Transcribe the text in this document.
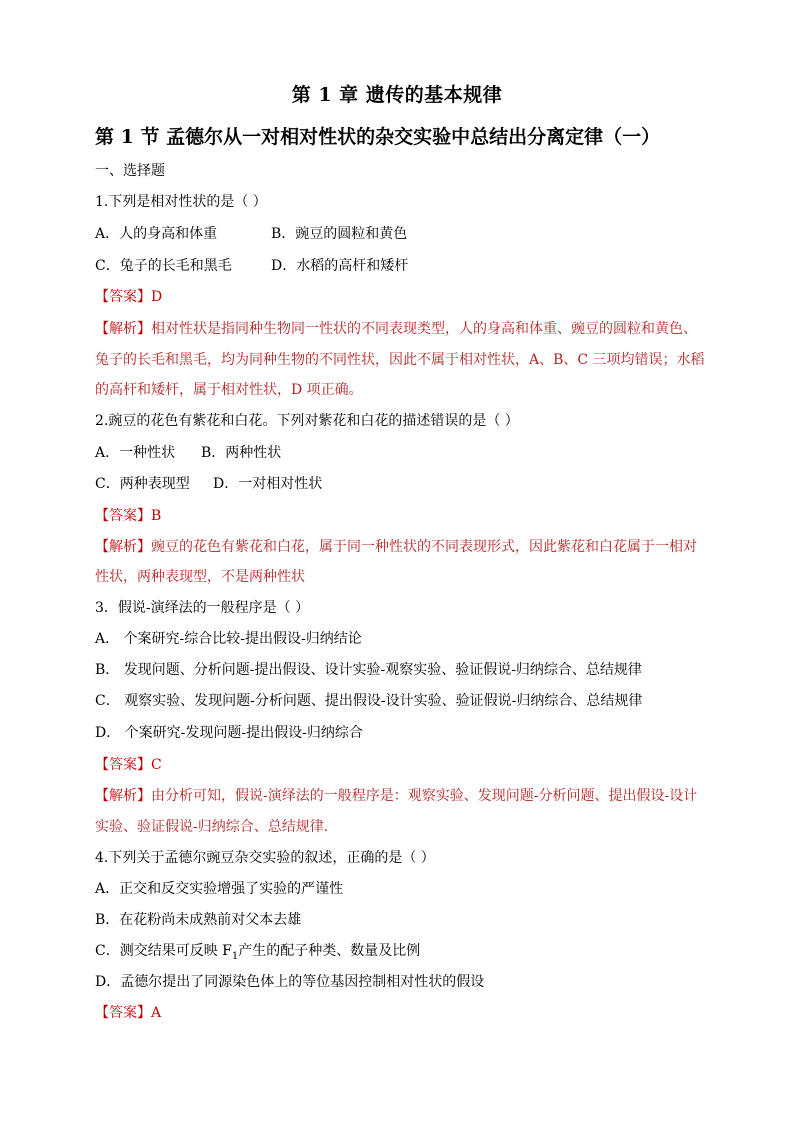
第 1 章 遗传的基本规律
第 1 节 孟德尔从一对相对性状的杂交实验中总结出分离定律（一）
一、选择题
1.下列是相对性状的是（ ）
A．人的身高和体重	B．豌豆的圆粒和黄色
C．兔子的长毛和黑毛	D．水稻的高杆和矮杆
【答案】D
【解析】相对性状是指同种生物同一性状的不同表现类型，人的身高和体重、豌豆的圆粒和黄色、
兔子的长毛和黑毛，均为同种生物的不同性状，因此不属于相对性状，A、B、C 三项均错误；水稻
的高杆和矮杆，属于相对性状，D 项正确。
2.豌豆的花色有紫花和白花。下列对紫花和白花的描述错误的是（ ）
A．一种性状 B．两种性状
C．两种表现型 D．一对相对性状
【答案】B
【解析】豌豆的花色有紫花和白花，属于同一种性状的不同表现形式，因此紫花和白花属于一相对
性状，两种表现型，不是两种性状
3．假说-演绎法的一般程序是（ ）
A． 个案研究-综合比较-提出假设-归纳结论
B． 发现问题、分析问题-提出假设、设计实验-观察实验、验证假说-归纳综合、总结规律
C． 观察实验、发现问题-分析问题、提出假设-设计实验、验证假说-归纳综合、总结规律
D． 个案研究-发现问题-提出假设-归纳综合
【答案】C
【解析】由分析可知，假说-演绎法的一般程序是：观察实验、发现问题-分析问题、提出假设-设计
实验、验证假说-归纳综合、总结规律.
4.下列关于孟德尔豌豆杂交实验的叙述，正确的是（ ）
A．正交和反交实验增强了实验的严谨性
B．在花粉尚未成熟前对父本去雄
C．测交结果可反映 $F_1$产生的配子种类、数量及比例
D．孟德尔提出了同源染色体上的等位基因控制相对性状的假设
【答案】A
